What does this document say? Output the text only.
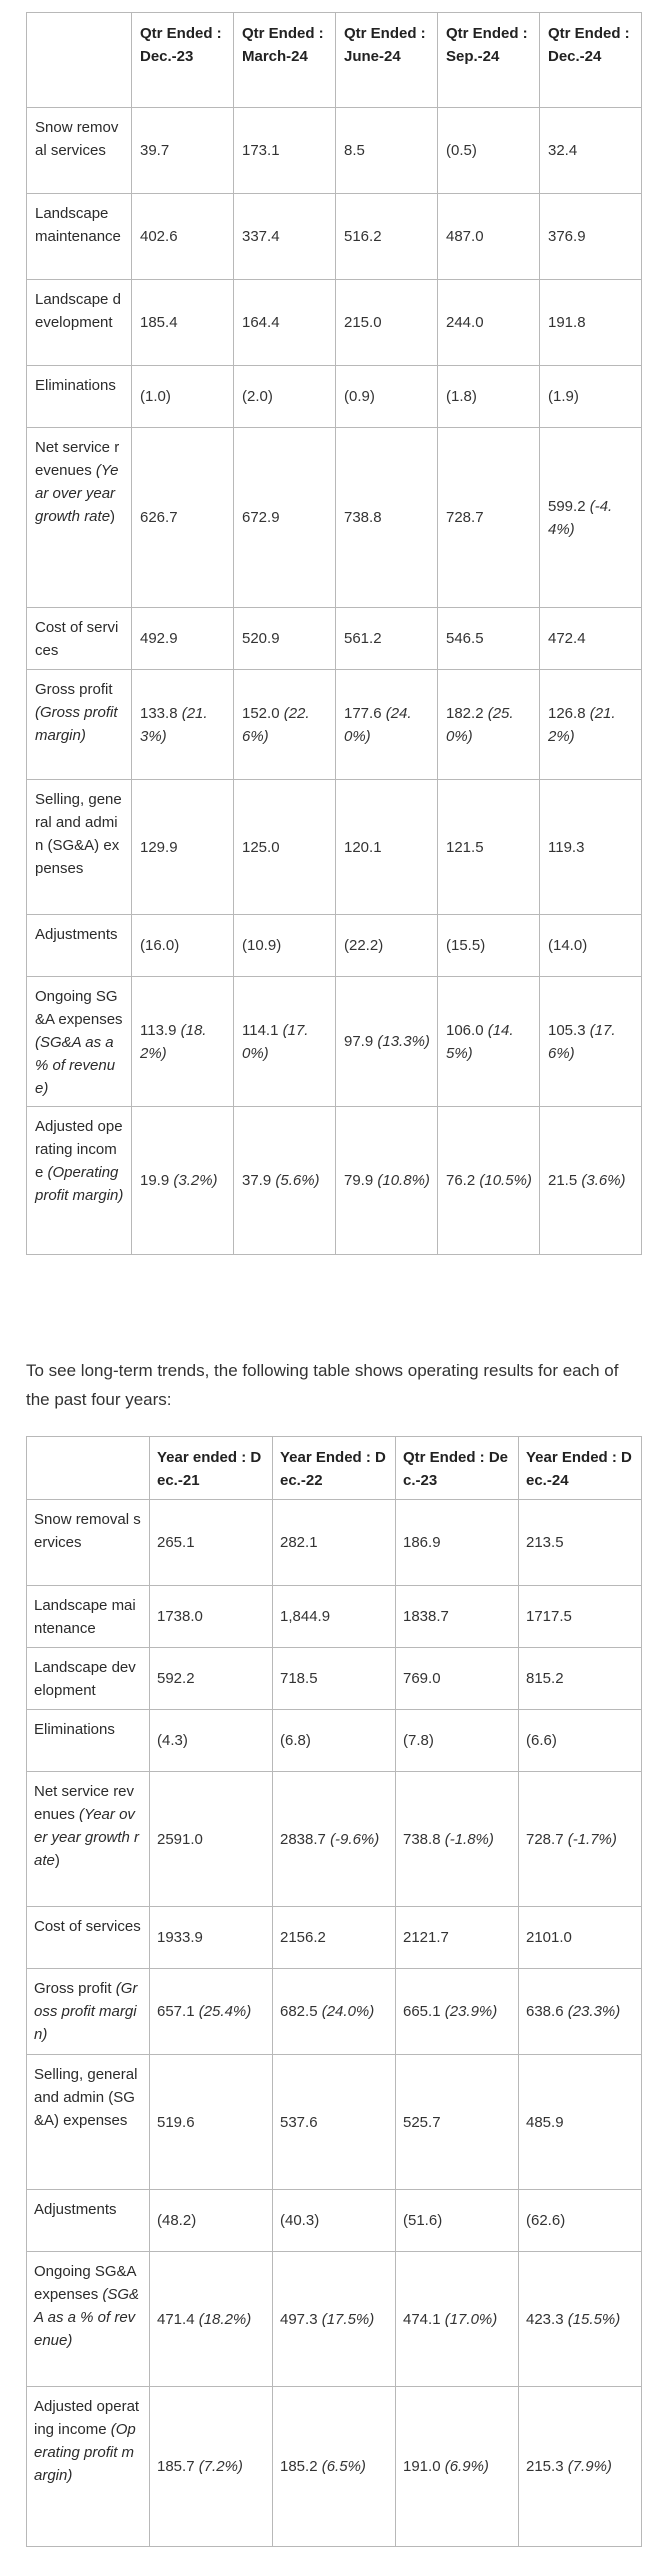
	Qtr Ended : Dec.-23	Qtr Ended : March-24	Qtr Ended : June-24	Qtr Ended : Sep.-24	Qtr Ended : Dec.-24
Snow removal services	39.7	173.1	8.5	(0.5)	32.4
Landscape maintenance	402.6	337.4	516.2	487.0	376.9
Landscape development	185.4	164.4	215.0	244.0	191.8
Eliminations	(1.0)	(2.0)	(0.9)	(1.8)	(1.9)
Net service revenues (Year over year growth rate)	626.7	672.9	738.8	728.7	599.2 (-4.4%)
Cost of services	492.9	520.9	561.2	546.5	472.4
Gross profit (Gross profit margin)	133.8 (21.3%)	152.0 (22.6%)	177.6 (24.0%)	182.2 (25.0%)	126.8 (21.2%)
Selling, general and admin (SG&A) expenses	129.9	125.0	120.1	121.5	119.3
Adjustments	(16.0)	(10.9)	(22.2)	(15.5)	(14.0)
Ongoing SG&A expenses (SG&A as a % of revenue)	113.9 (18.2%)	114.1 (17.0%)	97.9 (13.3%)	106.0 (14.5%)	105.3 (17.6%)
Adjusted operating income (Operating profit margin)	19.9 (3.2%)	37.9 (5.6%)	79.9 (10.8%)	76.2 (10.5%)	21.5 (3.6%)

To see long-term trends, the following table shows operating results for each of the past four years:

	Year ended : Dec.-21	Year Ended : Dec.-22	Qtr Ended : Dec.-23	Year Ended : Dec.-24
Snow removal services	265.1	282.1	186.9	213.5
Landscape maintenance	1738.0	1,844.9	1838.7	1717.5
Landscape development	592.2	718.5	769.0	815.2
Eliminations	(4.3)	(6.8)	(7.8)	(6.6)
Net service revenues (Year over year growth rate)	2591.0	2838.7 (-9.6%)	738.8 (-1.8%)	728.7 (-1.7%)
Cost of services	1933.9	2156.2	2121.7	2101.0
Gross profit (Gross profit margin)	657.1 (25.4%)	682.5 (24.0%)	665.1 (23.9%)	638.6 (23.3%)
Selling, general and admin (SG&A) expenses	519.6	537.6	525.7	485.9
Adjustments	(48.2)	(40.3)	(51.6)	(62.6)
Ongoing SG&A expenses (SG&A as a % of revenue)	471.4 (18.2%)	497.3 (17.5%)	474.1 (17.0%)	423.3 (15.5%)
Adjusted operating income (Operating profit margin)	185.7 (7.2%)	185.2 (6.5%)	191.0 (6.9%)	215.3 (7.9%)
